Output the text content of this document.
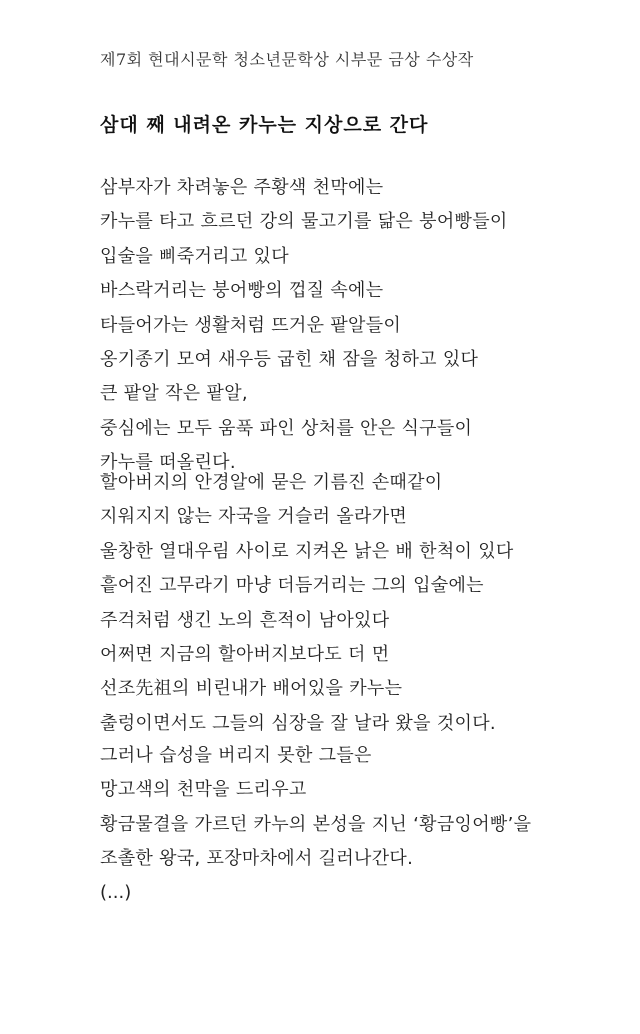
제7회 현대시문학 청소년문학상 시부문 금상 수상작
삼대 째 내려온 카누는 지상으로 간다
삼부자가 차려놓은 주황색 천막에는
카누를 타고 흐르던 강의 물고기를 닮은 붕어빵들이
입술을 삐죽거리고 있다
바스락거리는 붕어빵의 껍질 속에는
타들어가는 생활처럼 뜨거운 팥알들이
옹기종기 모여 새우등 굽힌 채 잠을 청하고 있다
큰 팥알 작은 팥알,
중심에는 모두 움푹 파인 상처를 안은 식구들이
카누를 떠올린다.
할아버지의 안경알에 묻은 기름진 손때같이
지워지지 않는 자국을 거슬러 올라가면
울창한 열대우림 사이로 지켜온 낡은 배 한척이 있다
흩어진 고무라기 마냥 더듬거리는 그의 입술에는
주걱처럼 생긴 노의 흔적이 남아있다
어쩌면 지금의 할아버지보다도 더 먼
선조先祖의 비린내가 배어있을 카누는
출렁이면서도 그들의 심장을 잘 날라 왔을 것이다.
그러나 습성을 버리지 못한 그들은
망고색의 천막을 드리우고
황금물결을 가르던 카누의 본성을 지닌 ‘황금잉어빵’을
조촐한 왕국, 포장마차에서 길러나간다.
(...)
